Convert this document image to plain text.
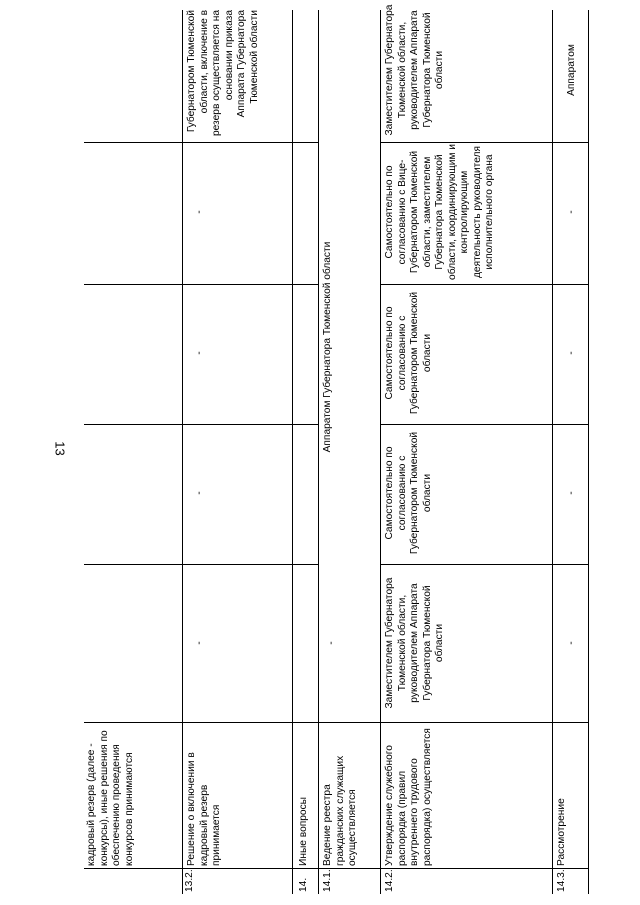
13
кадровый резерв (далее - конкурсы), иные решения по обеспечению проведения конкурсов принимаются
13.2.
Решение о включении в кадровый резерв принимается
-
-
-
-
Губернатором Тюменской области, включение в резерв осуществляется на основании приказа Аппарата Губернатора Тюменской области
14.
Иные вопросы
Аппаратом Губернатора Тюменской области
14.1.
Ведение реестра гражданских служащих осуществляется
-
14.2.
Утверждение служебного распорядка (правил внутреннего трудового распорядка) осуществляется
Заместителем Губернатора Тюменской области, руководителем Аппарата Губернатора Тюменской области
Самостоятельно по согласованию с Губернатором Тюменской области
Самостоятельно по согласованию с Губернатором Тюменской области
Самостоятельно по согласованию с Вице-Губернатором Тюменской области, заместителем Губернатора Тюменской области, координирующим и контролирующим деятельность руководителя исполнительного органа
Заместителем Губернатора Тюменской области, руководителем Аппарата Губернатора Тюменской области
14.3.
Рассмотрение
-
-
-
-
Аппаратом
